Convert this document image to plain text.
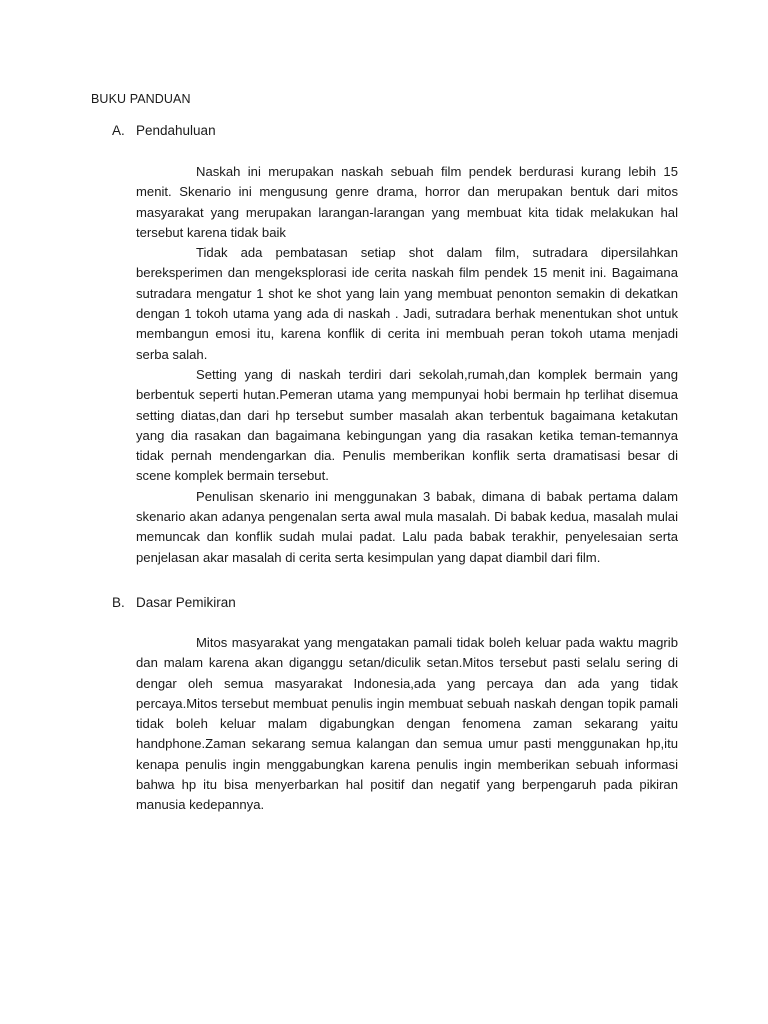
BUKU PANDUAN
A. Pendahuluan

Naskah ini merupakan naskah sebuah film pendek berdurasi kurang lebih 15 menit. Skenario ini mengusung genre drama, horror dan merupakan bentuk dari mitos masyarakat yang merupakan larangan-larangan yang membuat kita tidak melakukan hal tersebut karena tidak baik

Tidak ada pembatasan setiap shot dalam film, sutradara dipersilahkan bereksperimen dan mengeksplorasi ide cerita naskah film pendek 15 menit ini. Bagaimana sutradara mengatur 1 shot ke shot yang lain yang membuat penonton semakin di dekatkan dengan 1 tokoh utama yang ada di naskah . Jadi, sutradara berhak menentukan shot untuk membangun emosi itu, karena konflik di cerita ini membuah peran tokoh utama menjadi serba salah.

Setting yang di naskah terdiri dari sekolah,rumah,dan komplek bermain yang berbentuk seperti hutan.Pemeran utama yang mempunyai hobi bermain hp terlihat disemua setting diatas,dan dari hp tersebut sumber masalah akan terbentuk bagaimana ketakutan yang dia rasakan dan bagaimana kebingungan yang dia rasakan ketika teman-temannya tidak pernah mendengarkan dia. Penulis memberikan konflik serta dramatisasi besar di scene komplek bermain tersebut.

Penulisan skenario ini menggunakan 3 babak, dimana di babak pertama dalam skenario akan adanya pengenalan serta awal mula masalah. Di babak kedua, masalah mulai memuncak dan konflik sudah mulai padat. Lalu pada babak terakhir, penyelesaian serta penjelasan akar masalah di cerita serta kesimpulan yang dapat diambil dari film.

B. Dasar Pemikiran

Mitos masyarakat yang mengatakan pamali tidak boleh keluar pada waktu magrib dan malam karena akan diganggu setan/diculik setan.Mitos tersebut pasti selalu sering di dengar oleh semua masyarakat Indonesia,ada yang percaya dan ada yang tidak percaya.Mitos tersebut membuat penulis ingin membuat sebuah naskah dengan topik pamali tidak boleh keluar malam digabungkan dengan fenomena zaman sekarang yaitu handphone.Zaman sekarang semua kalangan dan semua umur pasti menggunakan hp,itu kenapa penulis ingin menggabungkan karena penulis ingin memberikan sebuah informasi bahwa hp itu bisa menyerbarkan hal positif dan negatif yang berpengaruh pada pikiran manusia kedepannya.
